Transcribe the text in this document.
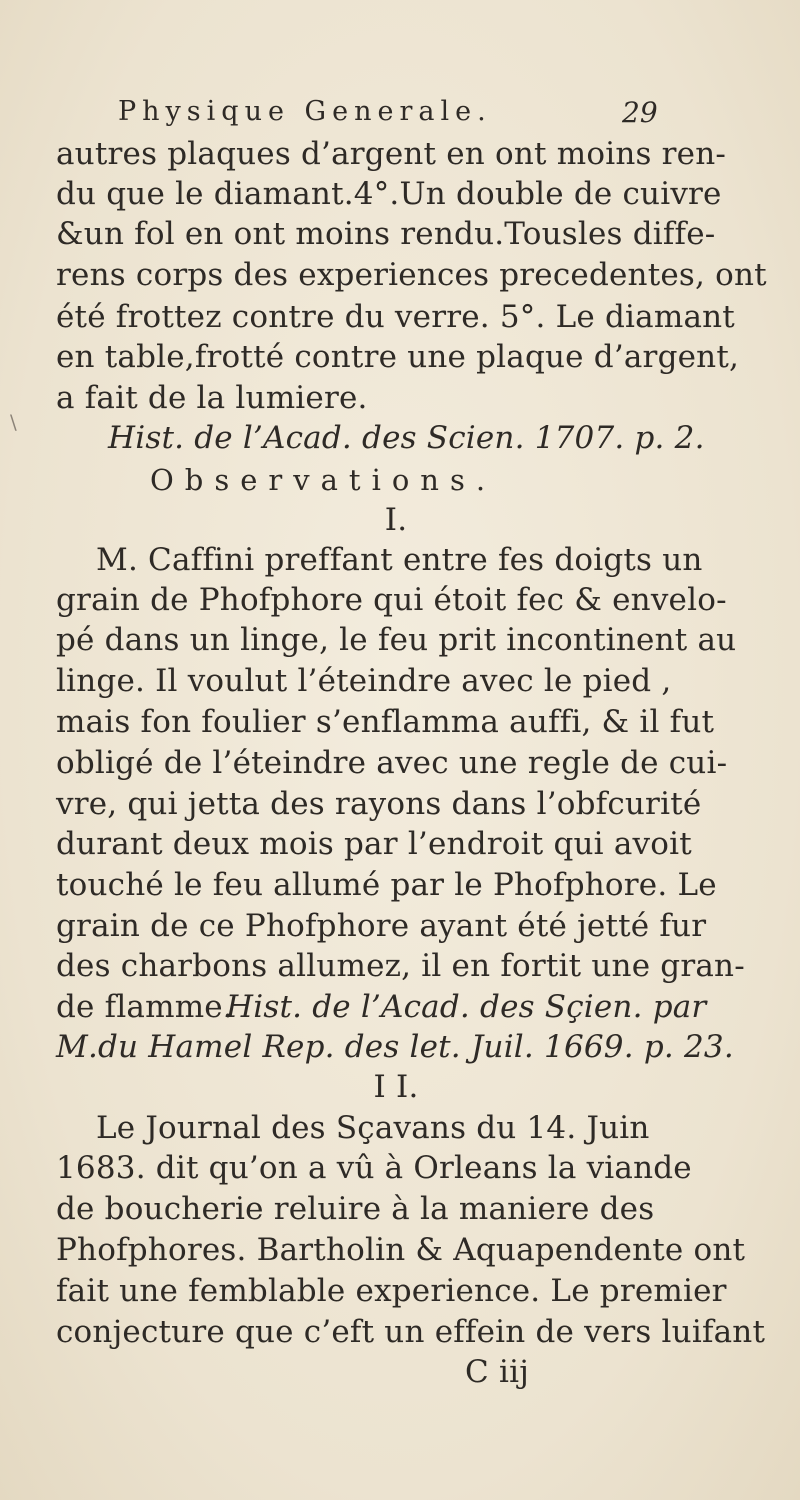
Physique Generale.	29
autres plaques d’argent en ont moins ren-
du que le diamant.4°.Un double de cuivre
&un fol en ont moins rendu.Tousles diffe-
rens corps des experiences precedentes, ont
été frottez contre du verre. 5°. Le diamant
en table,frotté contre une plaque d’argent,
a fait de la lumiere.
Hist. de l’Acad. des Scien. 1707. p. 2.
Observations.
I.
M. Caffini preffant entre fes doigts un
grain de Phofphore qui étoit fec & envelo-
pé dans un linge, le feu prit incontinent au
linge. Il voulut l’éteindre avec le pied ,
mais fon foulier s’enflamma auffi, & il fut
obligé de l’éteindre avec une regle de cui-
vre, qui jetta des rayons dans l’obfcurité
durant deux mois par l’endroit qui avoit
touché le feu allumé par le Phofphore. Le
grain de ce Phofphore ayant été jetté fur
des charbons allumez, il en fortit une gran-
de flamme.
Hist. de l’Acad. des Sçien. par
M.du Hamel Rep. des let. Juil. 1669. p. 23.
I I.
Le Journal des Sçavans du 14. Juin
1683. dit qu’on a vû à Orleans la viande
de boucherie reluire à la maniere des
Phofphores. Bartholin & Aquapendente ont
fait une femblable experience. Le premier
conjecture que c’eft un effein de vers luifant
C iij
\
